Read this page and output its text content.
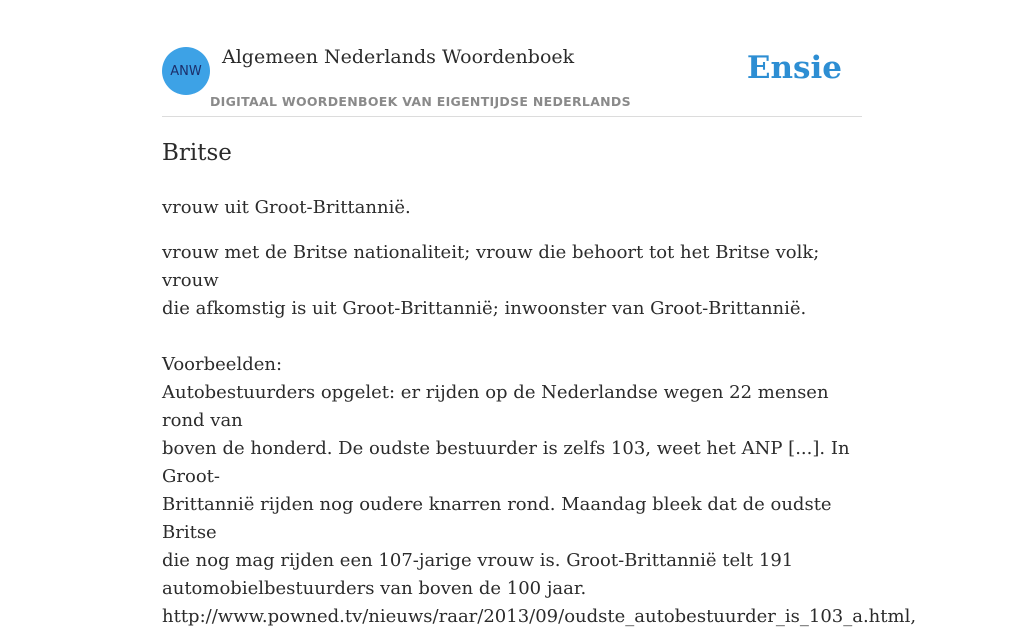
ANW
Algemeen Nederlands Woordenboek
DIGITAAL WOORDENBOEK VAN EIGENTIJDSE NEDERLANDS
Ensie
Britse

vrouw uit Groot-Brittannië.

vrouw met de Britse nationaliteit; vrouw die behoort tot het Britse volk; vrouw
die afkomstig is uit Groot-Brittannië; inwoonster van Groot-Brittannië.

Voorbeelden:

Autobestuurders opgelet: er rijden op de Nederlandse wegen 22 mensen rond van
boven de honderd. De oudste bestuurder is zelfs 103, weet het ANP [...]. In Groot-
Brittannië rijden nog oudere knarren rond. Maandag bleek dat de oudste Britse
die nog mag rijden een 107-jarige vrouw is. Groot-Brittannië telt 191
automobielbestuurders van boven de 100 jaar.

http://www.powned.tv/nieuws/raar/2013/09/oudste_autobestuurder_is_103_a.html,
